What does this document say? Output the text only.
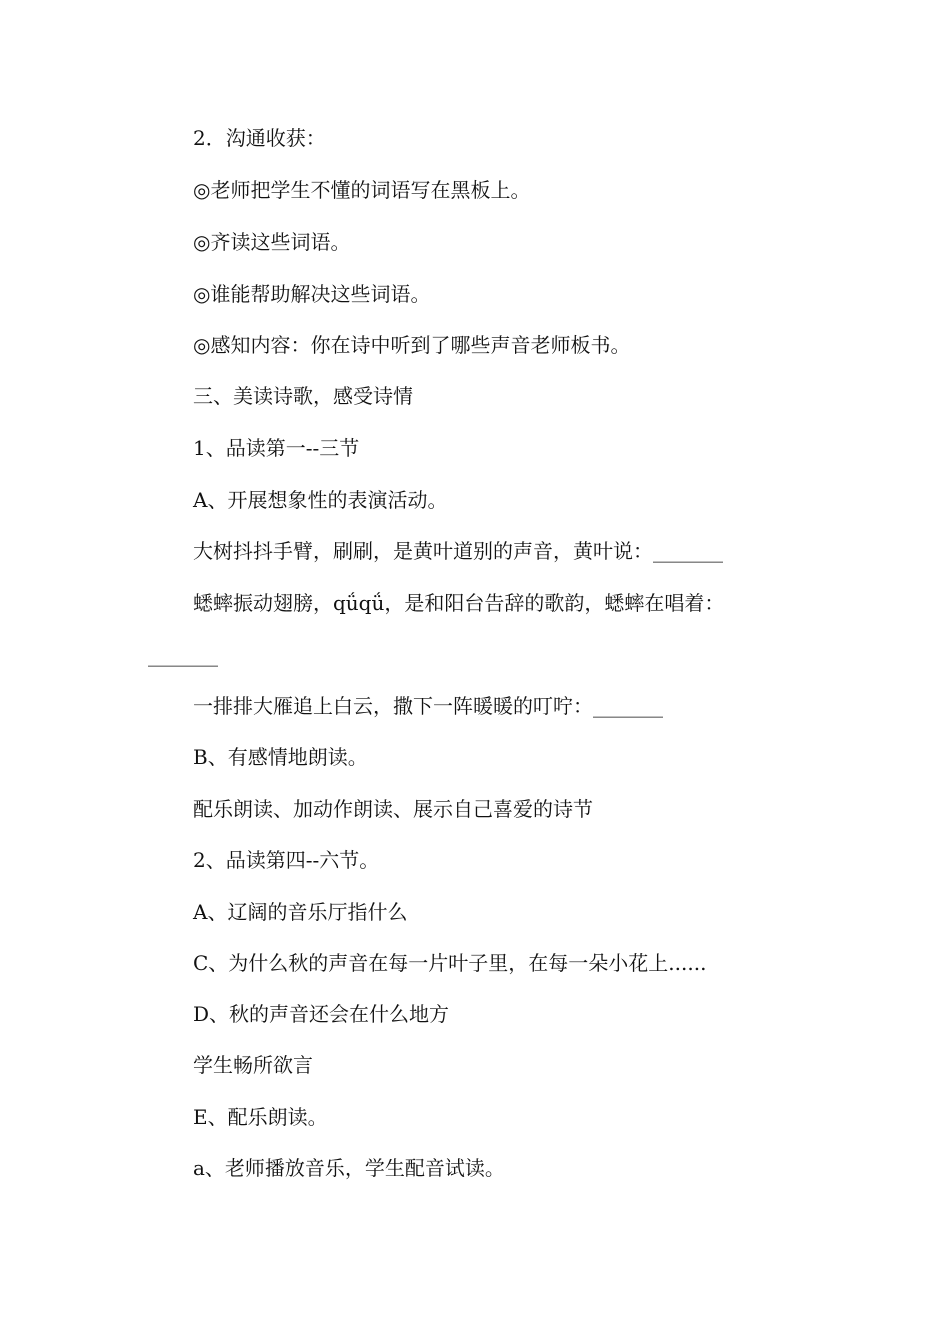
2．沟通收获：
◎老师把学生不懂的词语写在黑板上。
◎齐读这些词语。
◎谁能帮助解决这些词语。
◎感知内容：你在诗中听到了哪些声音老师板书。
三、美读诗歌，感受诗情
1、品读第一--三节
A、开展想象性的表演活动。
大树抖抖手臂，刷刷，是黄叶道别的声音，黄叶说：_______
蟋蟀振动翅膀，qǘqǘ，是和阳台告辞的歌韵，蟋蟀在唱着：
_______
一排排大雁追上白云，撒下一阵暖暖的叮咛：_______
B、有感情地朗读。
配乐朗读、加动作朗读、展示自己喜爱的诗节
2、品读第四--六节。
A、辽阔的音乐厅指什么
C、为什么秋的声音在每一片叶子里，在每一朵小花上......
D、秋的声音还会在什么地方
学生畅所欲言
E、配乐朗读。
a、老师播放音乐，学生配音试读。
